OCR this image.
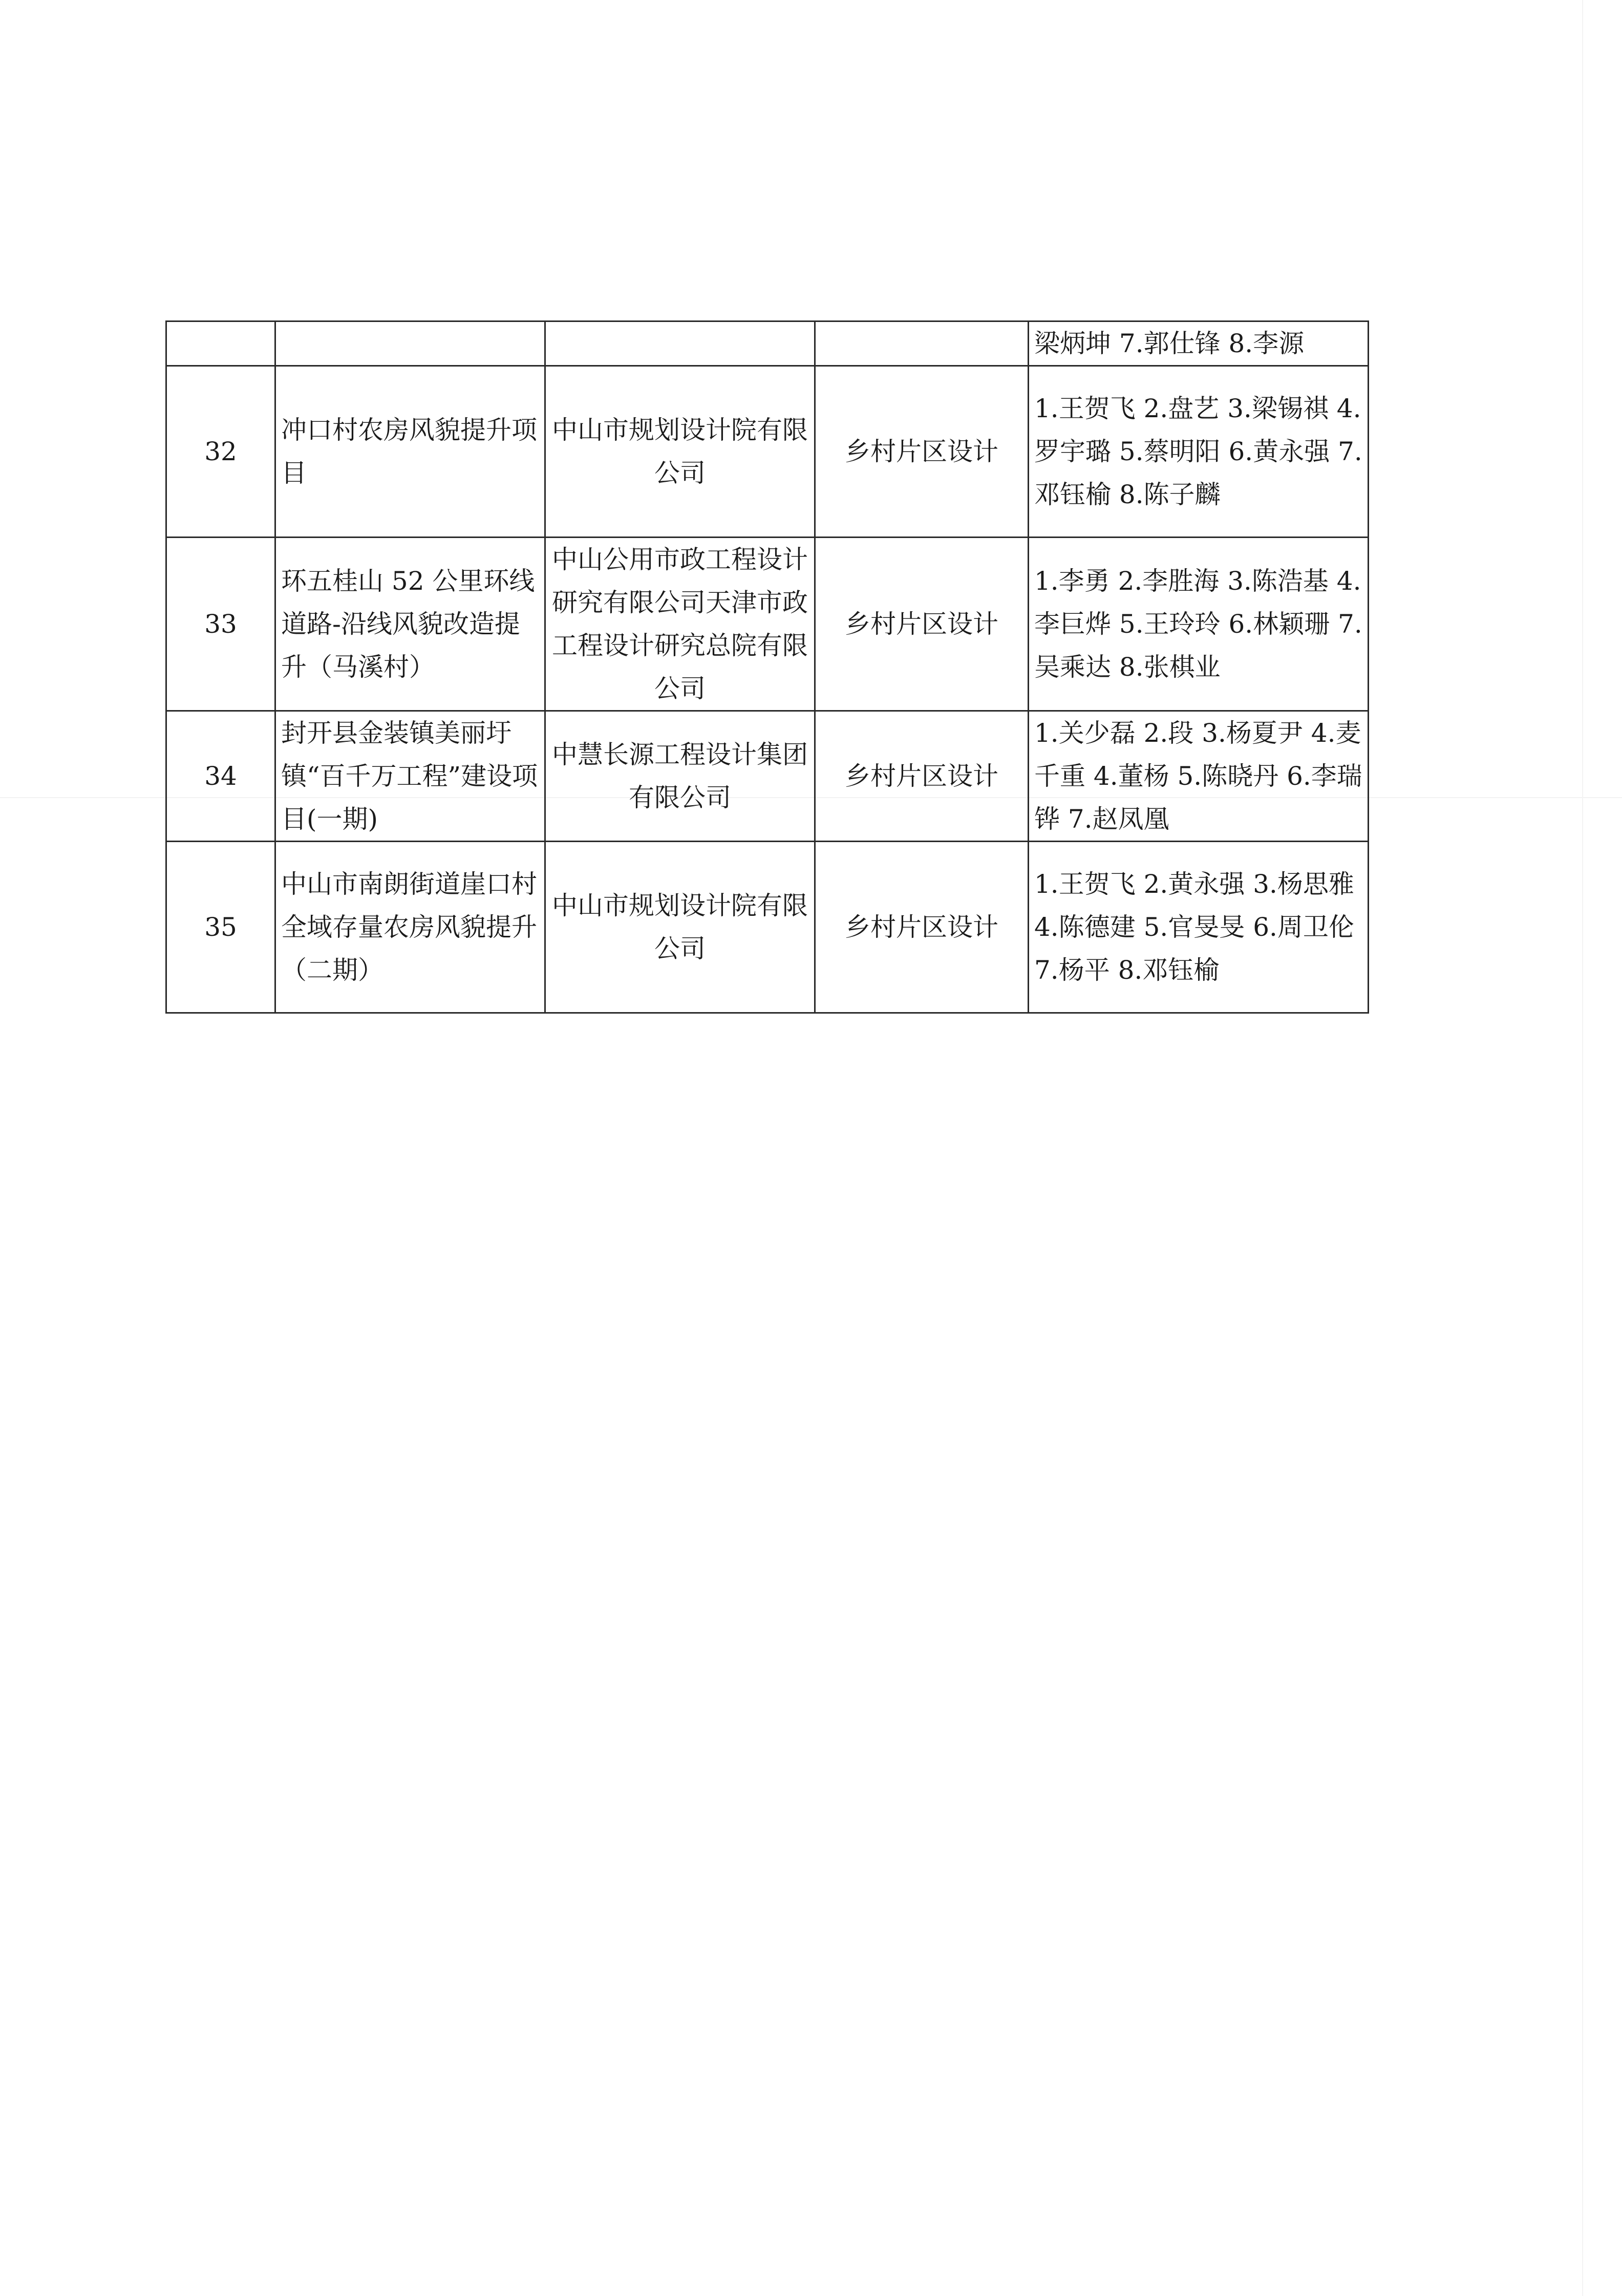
				梁炳坤 7.郭仕锋 8.李源
32	冲口村农房风貌提升项目	中山市规划设计院有限公司	乡村片区设计	1.王贺飞 2.盘艺 3.梁锡祺 4.罗宇璐 5.蔡明阳 6.黄永强 7.邓钰榆 8.陈子麟
33	环五桂山 52 公里环线道路-沿线风貌改造提升（马溪村）	中山公用市政工程设计研究有限公司天津市政工程设计研究总院有限公司	乡村片区设计	1.李勇 2.李胜海 3.陈浩基 4.李巨烨 5.王玲玲 6.林颖珊 7.吴乘达 8.张棋业
34	封开县金装镇美丽圩镇“百千万工程”建设项目(一期)	中慧长源工程设计集团有限公司	乡村片区设计	1.关少磊 2.段 3.杨夏尹 4.麦千重 4.董杨 5.陈晓丹 6.李瑞铧 7.赵凤凰
35	中山市南朗街道崖口村全域存量农房风貌提升（二期）	中山市规划设计院有限公司	乡村片区设计	1.王贺飞 2.黄永强 3.杨思雅 4.陈德建 5.官旻旻 6.周卫伦 7.杨平 8.邓钰榆
